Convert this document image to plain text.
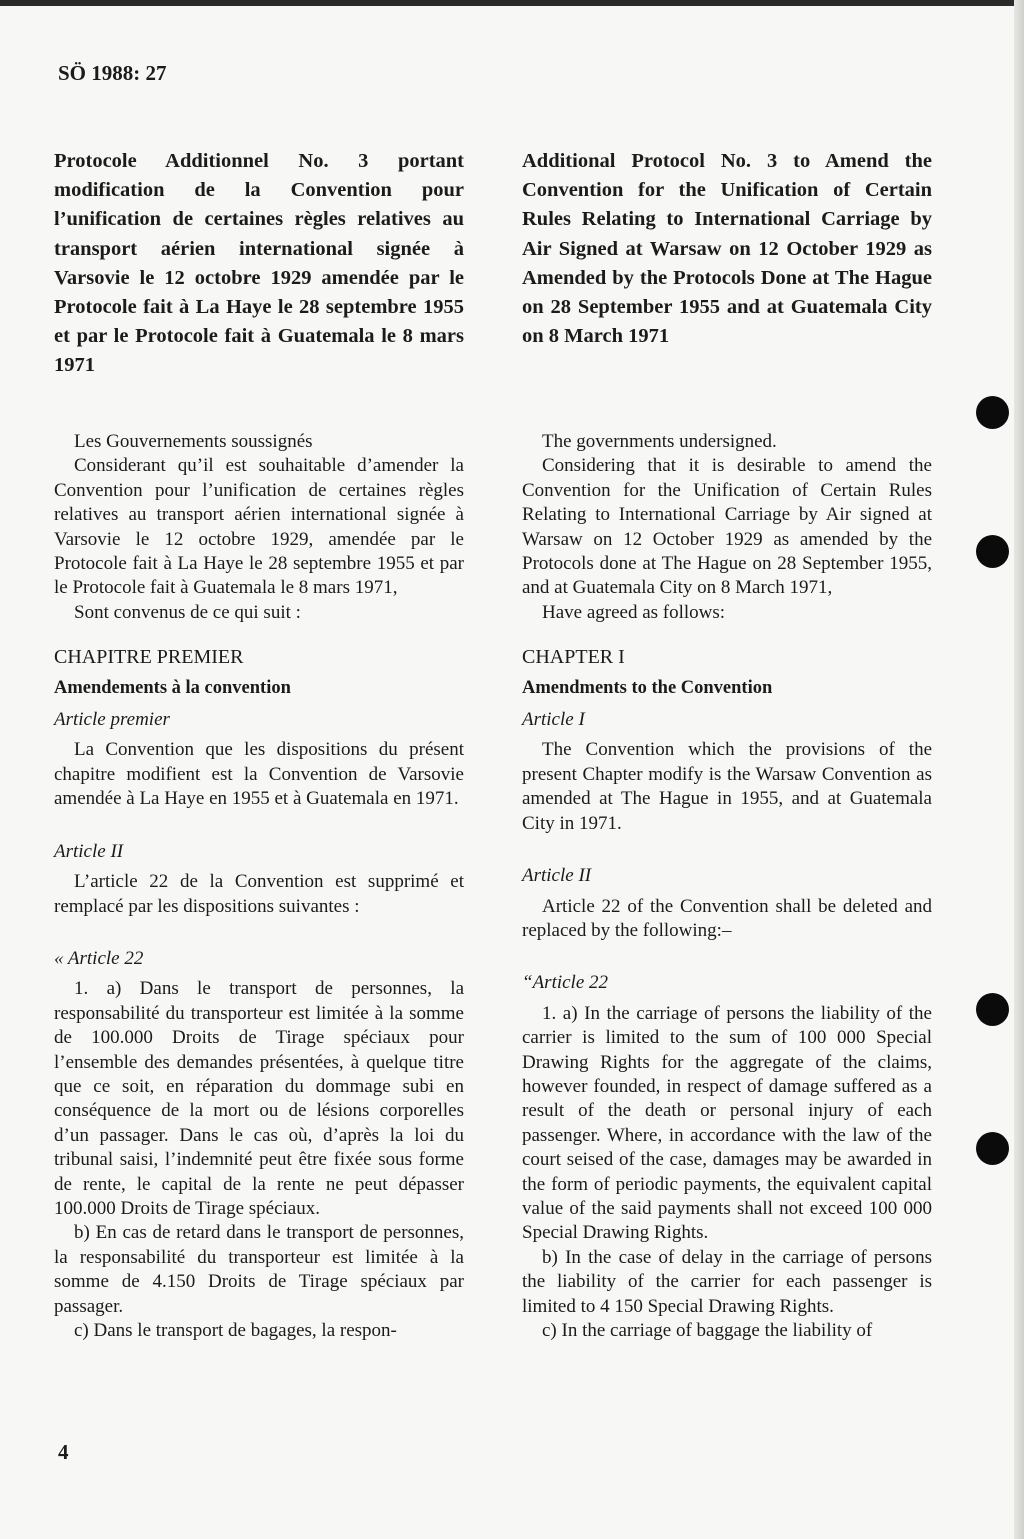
SÖ 1988: 27

Protocole Additionnel No. 3 portant modification de la Convention pour l’unification de certaines règles relatives au transport aérien international signée à Varsovie le 12 octobre 1929 amendée par le Protocole fait à La Haye le 28 septembre 1955 et par le Protocole fait à Guatemala le 8 mars 1971

Les Gouvernements soussignés

Considerant qu’il est souhaitable d’amender la Convention pour l’unification de certaines règles relatives au transport aérien international signée à Varsovie le 12 octobre 1929, amendée par le Protocole fait à La Haye le 28 septembre 1955 et par le Protocole fait à Guatemala le 8 mars 1971,

Sont convenus de ce qui suit :

CHAPITRE PREMIER

Amendements à la convention

Article premier

La Convention que les dispositions du présent chapitre modifient est la Convention de Varsovie amendée à La Haye en 1955 et à Guatemala en 1971.

Article II

L’article 22 de la Convention est supprimé et remplacé par les dispositions suivantes :

« Article 22

1. a) Dans le transport de personnes, la responsabilité du transporteur est limitée à la somme de 100.000 Droits de Tirage spéciaux pour l’ensemble des demandes présentées, à quelque titre que ce soit, en réparation du dommage subi en conséquence de la mort ou de lésions corporelles d’un passager. Dans le cas où, d’après la loi du tribunal saisi, l’indemnité peut être fixée sous forme de rente, le capital de la rente ne peut dépasser 100.000 Droits de Tirage spéciaux.

b) En cas de retard dans le transport de personnes, la responsabilité du transporteur est limitée à la somme de 4.150 Droits de Tirage spéciaux par passager.

c) Dans le transport de bagages, la respon-

Additional Protocol No. 3 to Amend the Convention for the Unification of Certain Rules Relating to International Carriage by Air Signed at Warsaw on 12 October 1929 as Amended by the Protocols Done at The Hague on 28 September 1955 and at Guatemala City on 8 March 1971

The governments undersigned.

Considering that it is desirable to amend the Convention for the Unification of Certain Rules Relating to International Carriage by Air signed at Warsaw on 12 October 1929 as amended by the Protocols done at The Hague on 28 September 1955, and at Guatemala City on 8 March 1971,

Have agreed as follows:

CHAPTER I

Amendments to the Convention

Article I

The Convention which the provisions of the present Chapter modify is the Warsaw Convention as amended at The Hague in 1955, and at Guatemala City in 1971.

Article II

Article 22 of the Convention shall be deleted and replaced by the following:–

“Article 22

1. a) In the carriage of persons the liability of the carrier is limited to the sum of 100 000 Special Drawing Rights for the aggregate of the claims, however founded, in respect of damage suffered as a result of the death or personal injury of each passenger. Where, in accordance with the law of the court seised of the case, damages may be awarded in the form of periodic payments, the equivalent capital value of the said payments shall not exceed 100 000 Special Drawing Rights.

b) In the case of delay in the carriage of persons the liability of the carrier for each passenger is limited to 4 150 Special Drawing Rights.

c) In the carriage of baggage the liability of

4
